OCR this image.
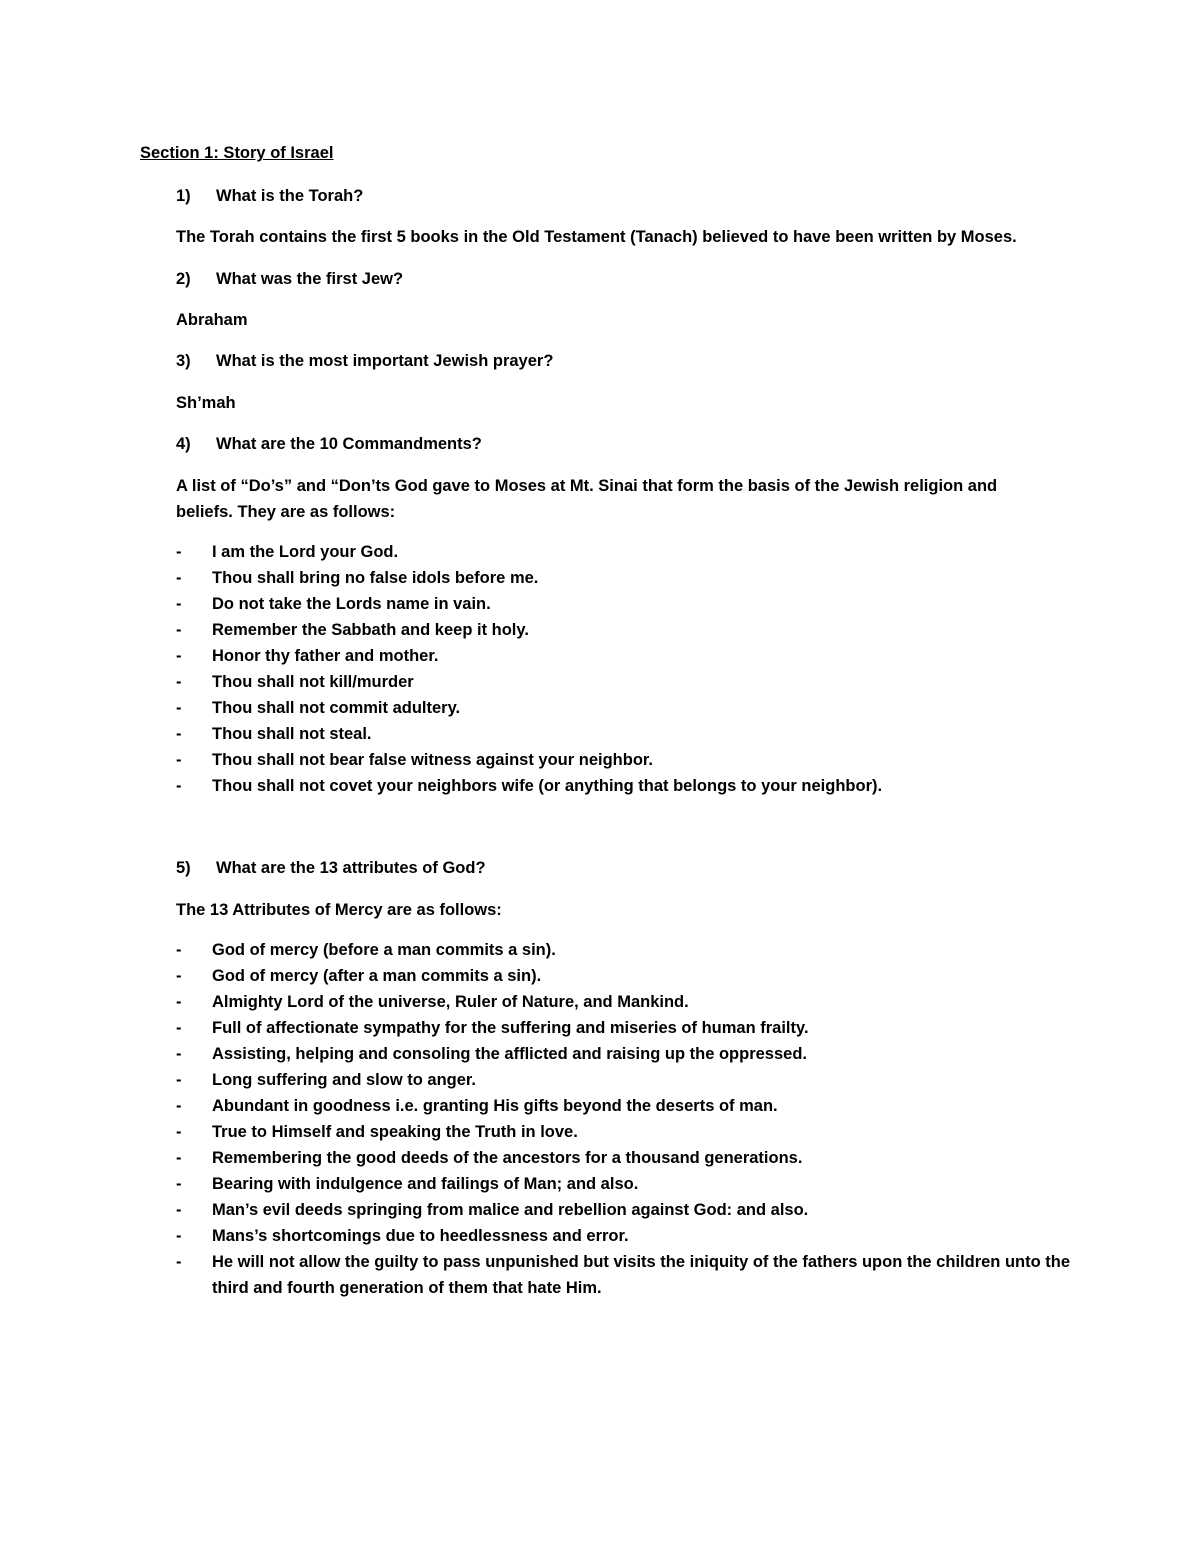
Section 1: Story of Israel
1) What is the Torah?
The Torah contains the first 5 books in the Old Testament (Tanach) believed to have been written by Moses.
2) What was the first Jew?
Abraham
3) What is the most important Jewish prayer?
Sh’mah
4) What are the 10 Commandments?
A list of “Do’s” and “Don’ts God gave to Moses at Mt. Sinai that form the basis of the Jewish religion and beliefs. They are as follows:
-	I am the Lord your God.
-	Thou shall bring no false idols before me.
-	Do not take the Lords name in vain.
-	Remember the Sabbath and keep it holy.
-	Honor thy father and mother.
-	Thou shall not kill/murder
-	Thou shall not commit adultery.
-	Thou shall not steal.
-	Thou shall not bear false witness against your neighbor.
-	Thou shall not covet your neighbors wife (or anything that belongs to your neighbor).
5) What are the 13 attributes of God?
The 13 Attributes of Mercy are as follows:
-	God of mercy (before a man commits a sin).
-	God of mercy (after a man commits a sin).
-	Almighty Lord of the universe, Ruler of Nature, and Mankind.
-	Full of affectionate sympathy for the suffering and miseries of human frailty.
-	Assisting, helping and consoling the afflicted and raising up the oppressed.
-	Long suffering and slow to anger.
-	Abundant in goodness i.e. granting His gifts beyond the deserts of man.
-	True to Himself and speaking the Truth in love.
-	Remembering the good deeds of the ancestors for a thousand generations.
-	Bearing with indulgence and failings of Man; and also.
-	Man’s evil deeds springing from malice and rebellion against God: and also.
-	Mans’s shortcomings due to heedlessness and error.
-	He will not allow the guilty to pass unpunished but visits the iniquity of the fathers upon the children unto the third and fourth generation of them that hate Him.
